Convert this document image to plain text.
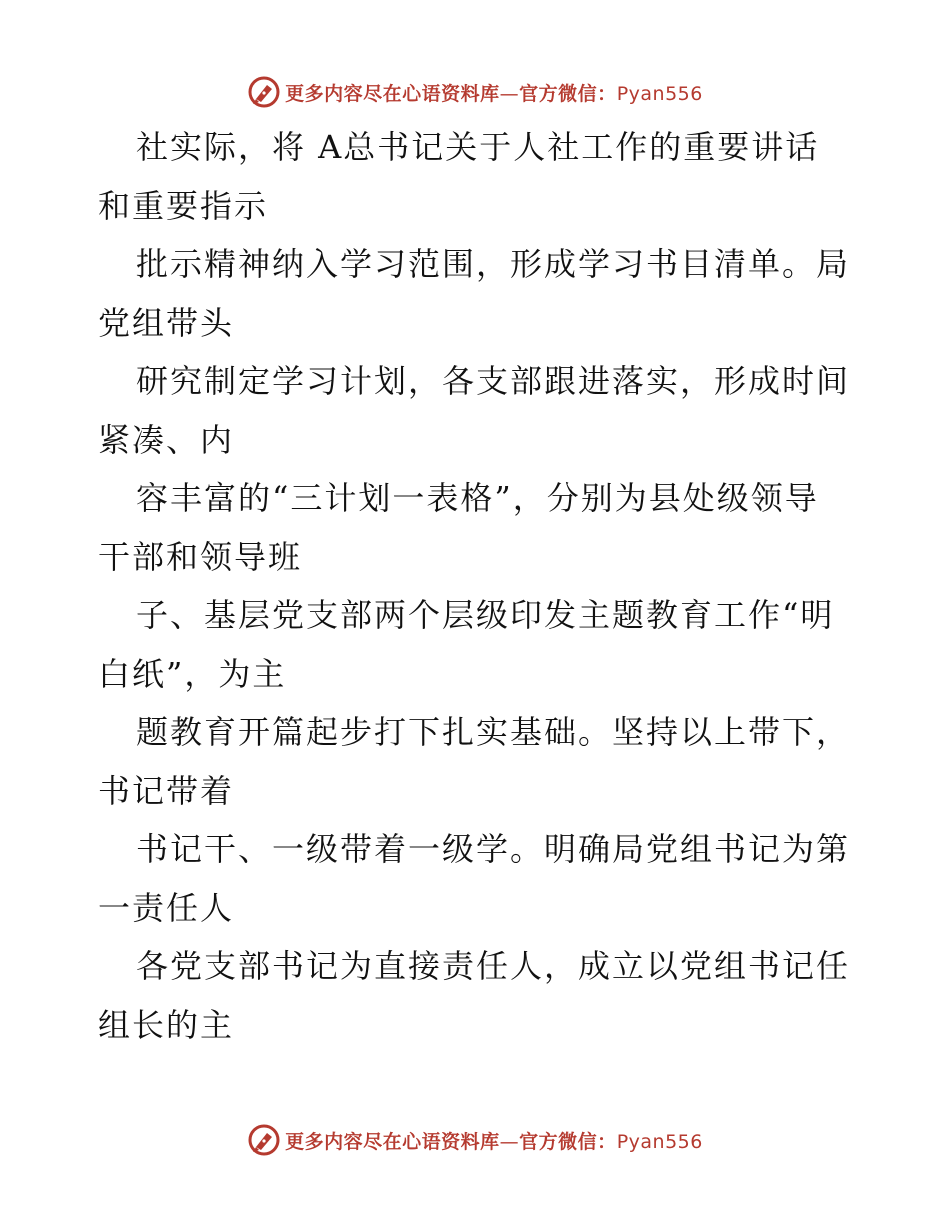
更多内容尽在心语资料库—官方微信：Pyan556
社实际，将 A总书记关于人社工作的重要讲话
和重要指示
批示精神纳入学习范围，形成学习书目清单。局
党组带头
研究制定学习计划，各支部跟进落实，形成时间
紧凑、内
容丰富的“三计划一表格”，分别为县处级领导
干部和领导班
子、基层党支部两个层级印发主题教育工作“明
白纸”，为主
题教育开篇起步打下扎实基础。坚持以上带下，
书记带着
书记干、一级带着一级学。明确局党组书记为第
一责任人
各党支部书记为直接责任人，成立以党组书记任
组长的主
更多内容尽在心语资料库—官方微信：Pyan556
